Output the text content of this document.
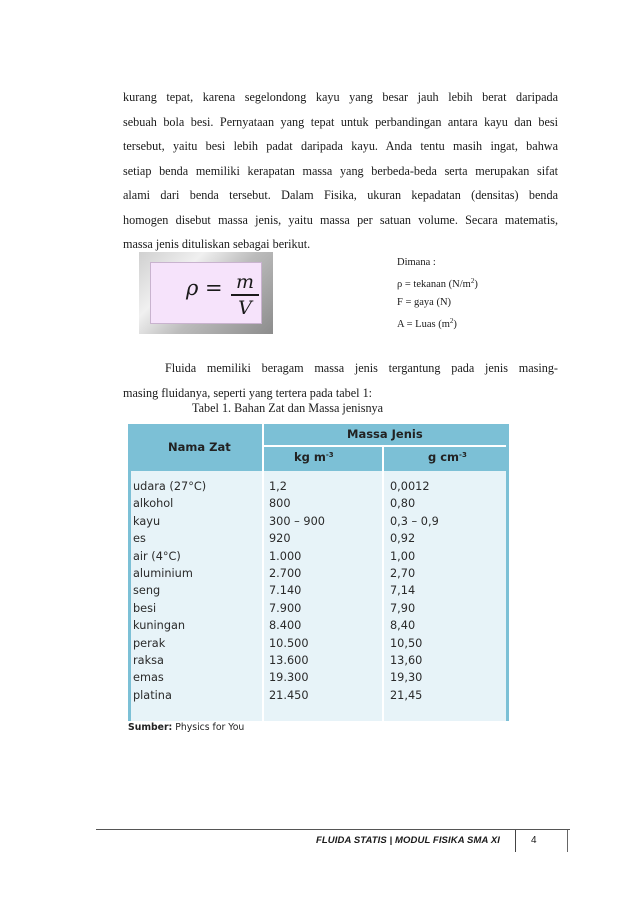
kurang tepat, karena segelondong kayu yang besar jauh lebih berat daripada
sebuah bola besi. Pernyataan yang tepat untuk perbandingan antara kayu dan besi
tersebut, yaitu besi lebih padat daripada kayu. Anda tentu masih ingat, bahwa
setiap benda memiliki kerapatan massa yang berbeda-beda serta merupakan sifat
alami dari benda tersebut. Dalam Fisika, ukuran kepadatan (densitas) benda
homogen disebut massa jenis, yaitu massa per satuan volume. Secara matematis,
massa jenis dituliskan sebagai berikut.
ρ = m
V
Dimana :
ρ = tekanan $(N/m^2)$
F = gaya (N)
A = Luas $(m^2)$
Fluida memiliki beragam massa jenis tergantung pada jenis masing-
masing fluidanya, seperti yang tertera pada tabel 1:
Tabel 1. Bahan Zat dan Massa jenisnya
Nama Zat
Massa Jenis
kg $m^{-3}$	g $cm^{-3}$
udara (27°C)
alkohol
kayu
es
air (4°C)
aluminium
seng
besi
kuningan
perak
raksa
emas
platina
1,2
800
300 – 900
920
1.000
2.700
7.140
7.900
8.400
10.500
13.600
19.300
21.450
0,0012
0,80
0,3 – 0,9
0,92
1,00
2,70
7,14
7,90
8,40
10,50
13,60
19,30
21,45
Sumber: Physics for You
FLUIDA STATIS | MODUL FISIKA SMA XI	4
